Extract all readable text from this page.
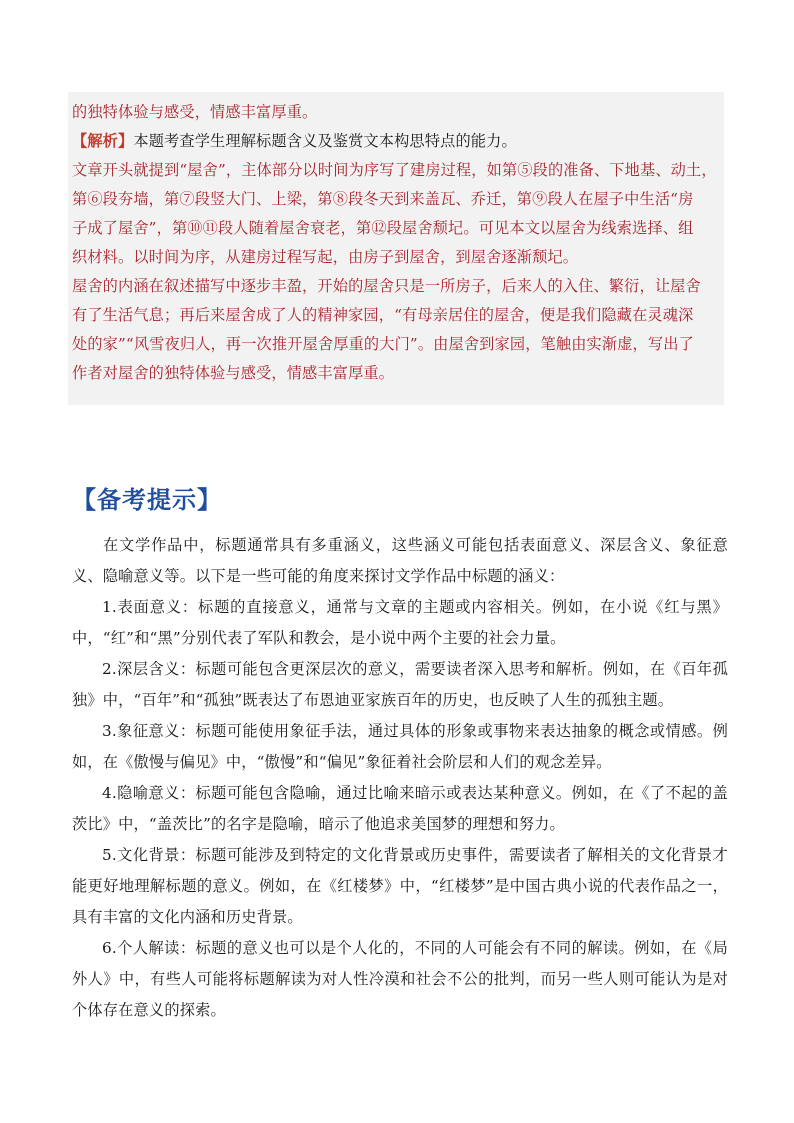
的独特体验与感受，情感丰富厚重。

【解析】本题考查学生理解标题含义及鉴赏文本构思特点的能力。

文章开头就提到“屋舍”，主体部分以时间为序写了建房过程，如第⑤段的准备、下地基、动土，

第⑥段夯墙，第⑦段竖大门、上梁，第⑧段冬天到来盖瓦、乔迁，第⑨段人在屋子中生活“房

子成了屋舍”，第⑩⑪段人随着屋舍衰老，第⑫段屋舍颓圮。可见本文以屋舍为线索选择、组

织材料。以时间为序，从建房过程写起，由房子到屋舍，到屋舍逐渐颓圮。

屋舍的内涵在叙述描写中逐步丰盈，开始的屋舍只是一所房子，后来人的入住、繁衍，让屋舍

有了生活气息；再后来屋舍成了人的精神家园，“有母亲居住的屋舍，便是我们隐藏在灵魂深

处的家”“风雪夜归人，再一次推开屋舍厚重的大门”。由屋舍到家园，笔触由实渐虚，写出了

作者对屋舍的独特体验与感受，情感丰富厚重。

【备考提示】

在文学作品中，标题通常具有多重涵义，这些涵义可能包括表面意义、深层含义、象征意义、隐喻意义等。以下是一些可能的角度来探讨文学作品中标题的涵义：

1.表面意义：标题的直接意义，通常与文章的主题或内容相关。例如，在小说《红与黑》中，“红”和“黑”分别代表了军队和教会，是小说中两个主要的社会力量。

2.深层含义：标题可能包含更深层次的意义，需要读者深入思考和解析。例如，在《百年孤独》中，“百年”和“孤独”既表达了布恩迪亚家族百年的历史，也反映了人生的孤独主题。

3.象征意义：标题可能使用象征手法，通过具体的形象或事物来表达抽象的概念或情感。例如，在《傲慢与偏见》中，“傲慢”和“偏见”象征着社会阶层和人们的观念差异。

4.隐喻意义：标题可能包含隐喻，通过比喻来暗示或表达某种意义。例如，在《了不起的盖茨比》中，“盖茨比”的名字是隐喻，暗示了他追求美国梦的理想和努力。

5.文化背景：标题可能涉及到特定的文化背景或历史事件，需要读者了解相关的文化背景才能更好地理解标题的意义。例如，在《红楼梦》中，“红楼梦”是中国古典小说的代表作品之一，具有丰富的文化内涵和历史背景。

6.个人解读：标题的意义也可以是个人化的，不同的人可能会有不同的解读。例如，在《局外人》中，有些人可能将标题解读为对人性冷漠和社会不公的批判，而另一些人则可能认为是对个体存在意义的探索。
